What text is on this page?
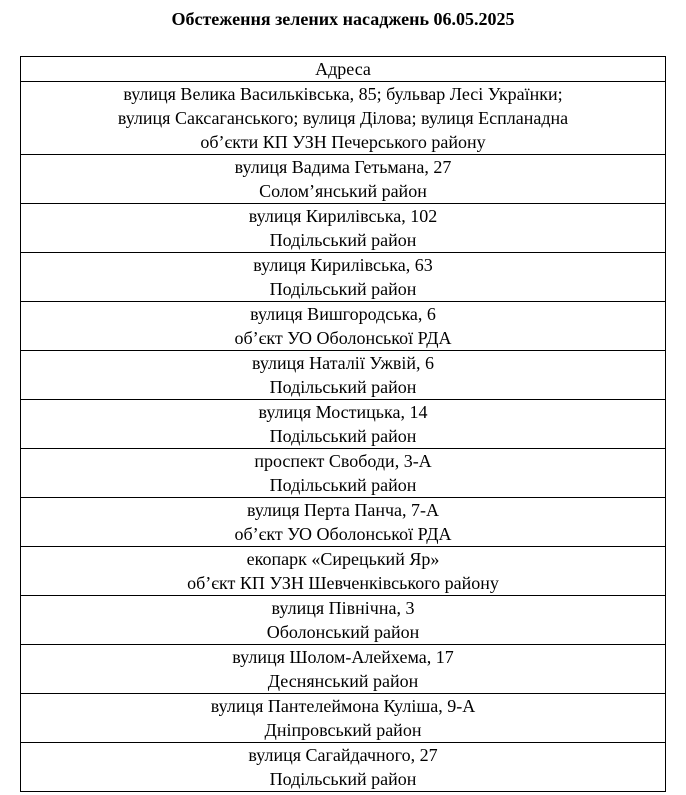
Обстеження зелених насаджень 06.05.2025
Адреса

вулиця Велика Васильківська, 85; бульвар Лесі Українки;
вулиця Саксаганського; вулиця Ділова; вулиця Еспланадна
об’єкти КП УЗН Печерського району

вулиця Вадима Гетьмана, 27
Солом’янський район

вулиця Кирилівська, 102
Подільський район

вулиця Кирилівська, 63
Подільський район

вулиця Вишгородська, 6
об’єкт УО Оболонської РДА

вулиця Наталії Ужвій, 6
Подільський район

вулиця Мостицька, 14
Подільський район

проспект Свободи, 3-А
Подільський район

вулиця Перта Панча, 7-А
об’єкт УО Оболонської РДА

екопарк «Сирецький Яр»
об’єкт КП УЗН Шевченківського району

вулиця Північна, 3
Оболонський район

вулиця Шолом-Алейхема, 17
Деснянський район

вулиця Пантелеймона Куліша, 9-А
Дніпровський район

вулиця Сагайдачного, 27
Подільський район
